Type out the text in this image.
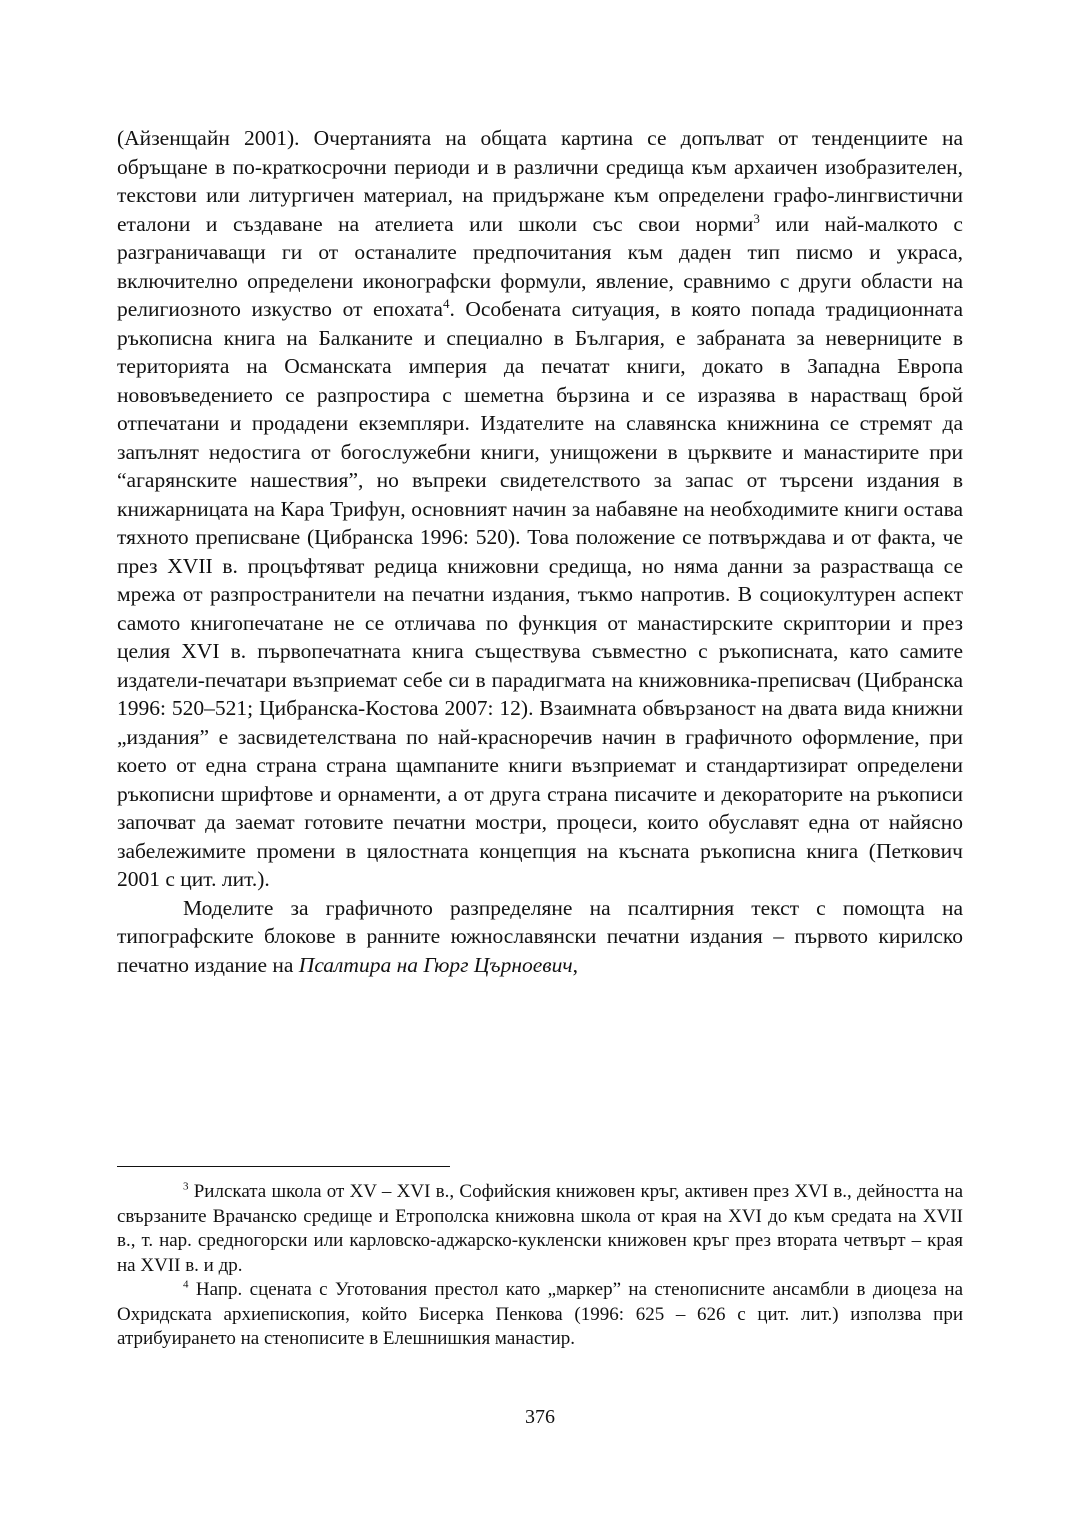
(Айзенщайн 2001). Очертанията на общата картина се допълват от тенденциите на обръщане в по-краткосрочни периоди и в различни средища към архаичен изобразителен, текстови или литургичен материал, на придържане към определени графо-лингвистични еталони и създаване на ателиета или школи със свои норми$^3$ или най-малкото с разграничаващи ги от останалите предпочитания към даден тип писмо и украса, включително определени иконографски формули, явление, сравнимо с други области на религиозното изкуство от епохата$^4$. Особената ситуация, в която попада традиционната ръкописна книга на Балканите и специално в България, е забраната за неверниците в територията на Османската империя да печатат книги, докато в Западна Европа нововъведението се разпростира с шеметна бързина и се изразява в нарастващ брой отпечатани и продадени екземпляри. Издателите на славянска книжнина се стремят да запълнят недостига от богослужебни книги, унищожени в църквите и манастирите при “агарянските нашествия”, но въпреки свидетелството за запас от търсени издания в книжарницата на Кара Трифун, основният начин за набавяне на необходимите книги остава тяхното преписване (Цибранска 1996: 520). Това положение се потвърждава и от факта, че през XVII в. процъфтяват редица книжовни средища, но няма данни за разрастваща се мрежа от разпространители на печатни издания, тъкмо напротив. В социокултурен аспект самото книгопечатане не се отличава по функция от манастирските скриптории и през целия XVI в. първопечатната книга съществува съвместно с ръкописната, като самите издатели-печатари възприемат себе си в парадигмата на книжовника-преписвач (Цибранска 1996: 520–521; Цибранска-Костова 2007: 12). Взаимната обвързаност на двата вида книжни „издания” е засвидетелствана по най-красноречив начин в графичното оформление, при което от една страна страна щампаните книги възприемат и стандартизират определени ръкописни шрифтове и орнаменти, а от друга страна писачите и декораторите на ръкописи започват да заемат готовите печатни мостри, процеси, които обуславят една от найясно забележимите промени в цялостната концепция на късната ръкописна книга (Петкович 2001 с цит. лит.).

Моделите за графичното разпределяне на псалтирния текст с помощта на типографските блокове в ранните южнославянски печатни издания – първото кирилско печатно издание на Псалтира на Гюрг Църноевич,

$^3$ Рилската школа от XV – XVI в., Софийския книжовен кръг, активен през XVI в., дейността на свързаните Врачанско средище и Етрополска книжовна школа от края на XVI до към средата на XVII в., т. нар. средногорски или карловско-аджарско-кукленски книжовен кръг през втората четвърт – края на XVII в. и др.

$^4$ Напр. сцената с Уготования престол като „маркер” на стенописните ансамбли в диоцеза на Охридската архиепископия, който Бисерка Пенкова (1996: 625 – 626 с цит. лит.) използва при атрибуирането на стенописите в Елешнишкия манастир.

376
